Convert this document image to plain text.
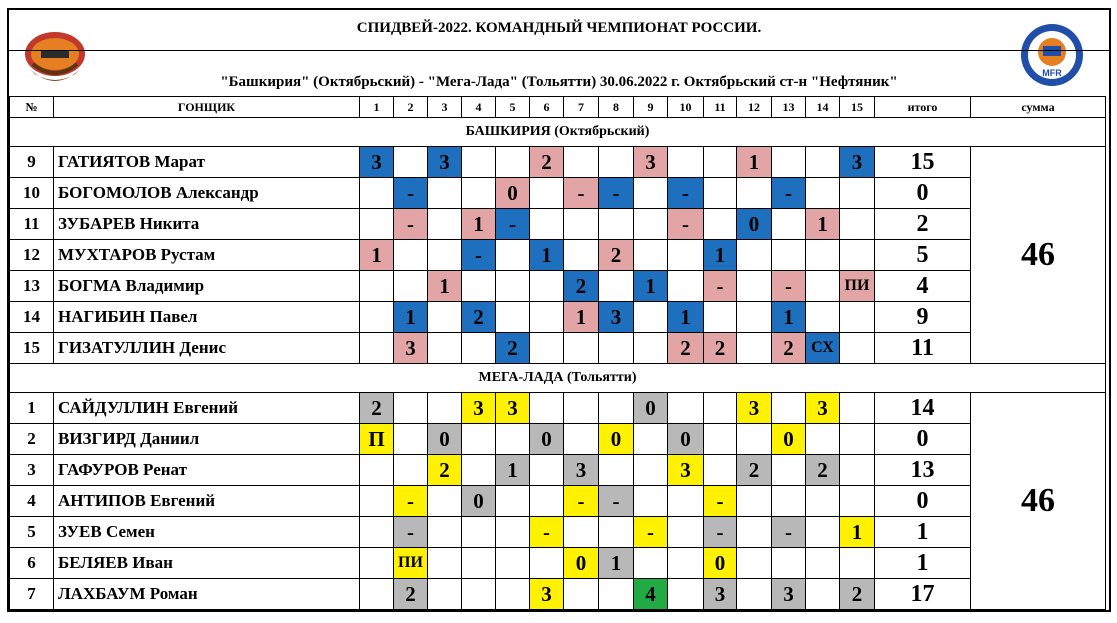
СПИДВЕЙ-2022. КОМАНДНЫЙ ЧЕМПИОНАТ РОССИИ.
MFR
"Башкирия" (Октябрьский) - "Мега-Лада" (Тольятти) 30.06.2022 г. Октябрьский ст-н "Нефтяник"
№	ГОНЩИК	1	2	3	4	5	6	7	8	9	10	11	12	13	14	15	итого	сумма
БАШКИРИЯ (Октябрьский)																		
9	ГАТИЯТОВ Марат	3		3			2			3			1			3	15	46
10	БОГОМОЛОВ Александр		-			0		-	-		-			-			0	
11	ЗУБАРЕВ Никита		-		1	-					-		0		1		2	
12	МУХТАРОВ Рустам	1			-		1		2			1					5	
13	БОГМА Владимир			1				2		1		-		-		ПИ	4	
14	НАГИБИН Павел		1		2			1	3		1			1			9	
15	ГИЗАТУЛЛИН Денис		3			2					2	2		2	СХ		11	
МЕГА-ЛАДА (Тольятти)																		
1	САЙДУЛЛИН Евгений	2			3	3				0			3		3		14	46
2	ВИЗГИРД Даниил	П		0			0		0		0			0			0	
3	ГАФУРОВ Ренат			2		1		3			3		2		2		13	
4	АНТИПОВ Евгений		-		0			-	-			-					0	
5	ЗУЕВ Семен		-				-			-		-		-		1	1	
6	БЕЛЯЕВ Иван		ПИ					0	1			0					1	
7	ЛАХБАУМ Роман		2				3			4		3		3		2	17	
